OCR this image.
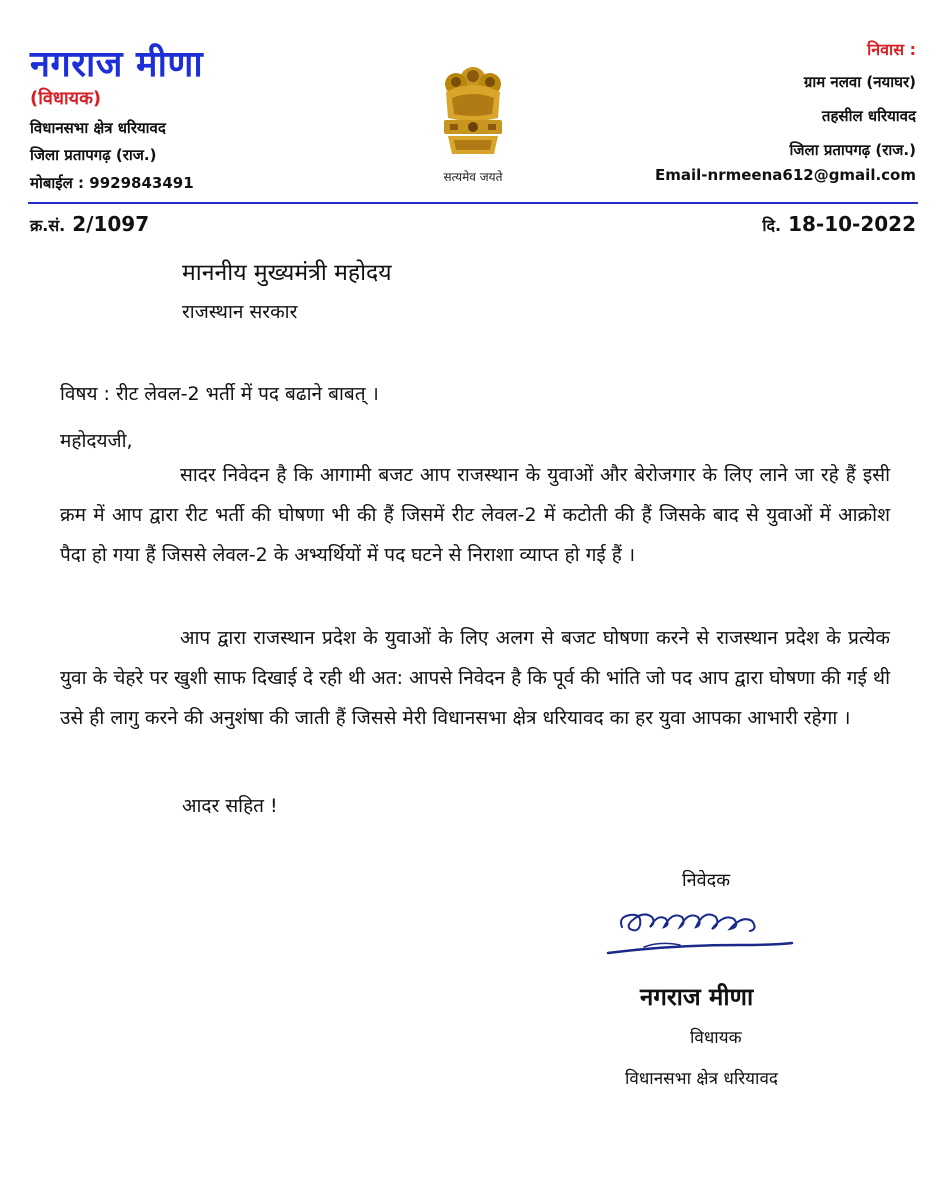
नगराज मीणा
(विधायक)
विधानसभा क्षेत्र धरियावद
जिला प्रतापगढ़ (राज.)
मोबाईल : 9929843491	सत्यमेव जयते
निवास :
ग्राम नलवा (नयाघर)
तहसील धरियावद
जिला प्रतापगढ़ (राज.)
Email-nrmeena612@gmail.com
क्र.सं. 2/1097	दि. 18-10-2022
माननीय मुख्यमंत्री महोदय
राजस्थान सरकार
विषय : रीट लेवल-2 भर्ती में पद बढाने बाबत् ।
महोदयजी,
सादर निवेदन है कि आगामी बजट आप राजस्थान के युवाओं और बेरोजगार के लिए लाने जा रहे हैं इसी क्रम में आप द्वारा रीट भर्ती की घोषणा भी की हैं जिसमें रीट लेवल-2 में कटोती की हैं जिसके बाद से युवाओं में आक्रोश पैदा हो गया हैं जिससे लेवल-2 के अभ्यर्थियों में पद घटने से निराशा व्याप्त हो गई हैं ।
आप द्वारा राजस्थान प्रदेश के युवाओं के लिए अलग से बजट घोषणा करने से राजस्थान प्रदेश के प्रत्येक युवा के चेहरे पर खुशी साफ दिखाई दे रही थी अत: आपसे निवेदन है कि पूर्व की भांति जो पद आप द्वारा घोषणा की गई थी उसे ही लागु करने की अनुशंषा की जाती हैं जिससे मेरी विधानसभा क्षेत्र धरियावद का हर युवा आपका आभारी रहेगा ।
आदर सहित !
निवेदक
नगराज मीणा
विधायक
विधानसभा क्षेत्र धरियावद
